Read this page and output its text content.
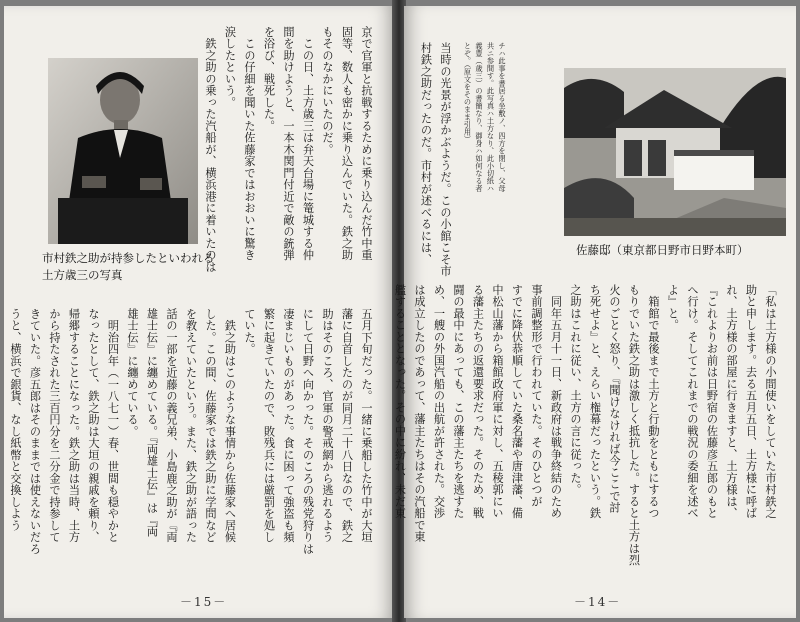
市村鉄之助が持参したといわれる
土方歳三の写真
京で官軍と抗戦するために乗り込んだ竹中重
固等、数人も密かに乗り込んでいた。鉄之助
もそのなかにいたのだ。
　この日、土方歳三は弁天台場に篭城する仲
間を助けようと、一本木関門付近で敵の銃弾
を浴び、戦死した。
　この仔細を聞いた佐藤家ではおおいに驚き
涙したという。
　鉄之助の乗った汽船が、横浜港に着いたのは
五月下旬だった。一緒に乗船した竹中が大垣
藩に自首したのが同月二十八日なので、鉄之
助はそのころ、官軍の警戒網から逃れるよう
にして日野へ向かった。そのころの残党狩りは
凄まじいものがあった。食に困って強盗も頻
繁に起きていたので、敗残兵には厳罰を処し
ていた。
　鉄之助はこのような事情から佐藤家へ居候
した。この間、佐藤家では鉄之助に学問など
を教えていたという。また、鉄之助が語った
話の一部を近藤の義兄弟、小島鹿之助が『両
雄士伝』に纏めている。『両雄士伝』は『両
雄士伝』に纏めている。
　明治四年（一八七一）春、世間も穏やかと
なったとして、鉄之助は大垣の親戚を頼り、
帰郷することになった。鉄之助は当時、土方
から持たされた三百円分を二分金で持参して
きていた。彦五郎はそのままでは使えないだろ
うと、横浜で銀貨、なし紙幣と交換しよう
－15－
当時の光景が浮かぶようだ。この小館こそ市
村鉄之助だったのだ。市村が述べるには、	チハ此事を書居る坐敷ノ、四方を閉し、父母
共ニ参間す。此写真ハ土方なり、此小切紙ハ
義豊（歳三）の書簡なり、御身ハ如何なる者
とぞ。（原文をそのまま引用）
佐藤邸（東京都日野市日野本町）
「私は土方様の小間使いをしていた市村鉄之
助と申します。去る五月五日、土方様に呼ば
れ、土方様の部屋に行きますと、土方様は、
『これよりお前は日野宿の佐藤彦五郎のもと
へ行け。そしてこれまでの戦況の委細を述べ
よ』と。
　箱館で最後まで土方と行動をともにするつ
もりでいた鉄之助は激しく抵抗した。すると土方は烈
火のごとく怒り、『聞けなければ今ここで討
ち死せよ』と、えらい権幕だったという。鉄
之助はこれに従い、土方の言に従った。
　同年五月十一日、新政府は戦争終結のため
事前調整形で行われていた。そのひとつが
すでに降伏恭順していた桑名藩や唐津藩、備
中松山藩から箱館政府軍に対し、五稜郭にい
る藩主たちの返還要求だった。そのため、戦
闘の最中にあっても、この藩主たちを逃すた
め、一艘の外国汽船の出航が許された。交渉
は成立したのであって、藩主たちはその汽船で東
艦することとなった。その中に紛れ、未だ東
－14－
